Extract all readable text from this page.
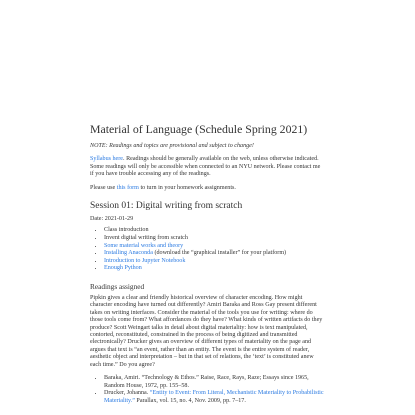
Material of Language (Schedule Spring 2021)

NOTE: Readings and topics are provisional and subject to change!

Syllabus here. Readings should be generally available on the web, unless otherwise indicated. Some readings will only be accessible when connected to an NYU network. Please contact me if you have trouble accessing any of the readings.

Please use this form to turn in your homework assignments.

Session 01: Digital writing from scratch

Date: 2021-01-29

• Class introduction
• Invent digital writing from scratch
• Some material works and theory
• Installing Anaconda (download the “graphical installer” for your platform)
• Introduction to Jupyter Notebook
• Enough Python
Readings assigned

Pipkin gives a clear and friendly historical overview of character encoding. How might character encoding have turned out differently? Amiri Baraka and Ross Gay present different takes on writing interfaces. Consider the material of the tools you use for writing: where do those tools come from? What affordances do they have? What kinds of written artifacts do they produce? Scott Weingart talks in detail about digital materiality: how is text manipulated, contorted, reconstituted, constrained in the process of being digitized and transmitted electronically? Drucker gives an overview of different types of materiality on the page and argues that text is “an event, rather than an entity. The event is the entire system of reader, aesthetic object and interpretation – but in that set of relations, the ‘text’ is constituted anew each time.” Do you agree?

• Baraka, Amiri. “Technology & Ethos.” Raise, Race, Rays, Raze; Essays since 1965, Random House, 1972, pp. 155–58.
• Drucker, Johanna. “Entity to Event: From Literal, Mechanistic Materiality to Probabilistic Materiality.” Parallax, vol. 15, no. 4, Nov. 2009, pp. 7–17.
